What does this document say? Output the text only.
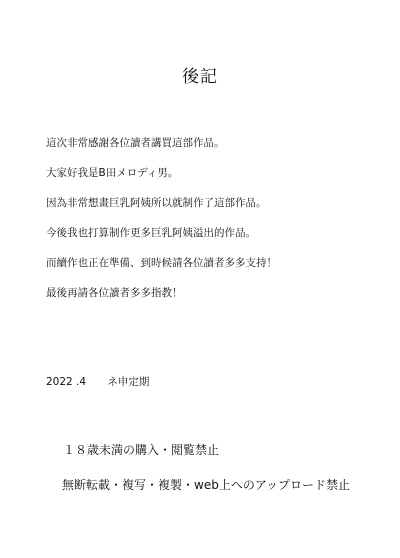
後記
這次非常感謝各位讀者講買這部作品。
大家好我是B田メロディ男。
因為非常想畫巨乳阿姨所以就制作了這部作品。
今後我也打算制作更多巨乳阿姨溢出的作品。
而續作也正在準備、到時候請各位讀者多多支持！
最後再請各位讀者多多指教！
2022 .4 ネ申定期
１８歳未満の購入・閲覧禁止
無断転載・複写・複製・web上へのアップロード禁止
